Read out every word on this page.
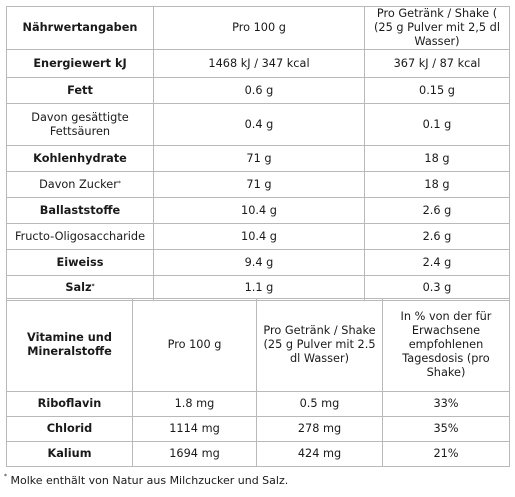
Nährwertangaben	Pro 100 g	Pro Getränk / Shake ( (25 g Pulver mit 2,5 dl Wasser)
Energiewert kJ	1468 kJ / 347 kcal	367 kJ / 87 kcal
Fett	0.6 g	0.15 g
Davon gesättigte Fettsäuren	0.4 g	0.1 g
Kohlenhydrate	71 g	18 g
Davon Zucker*	71 g	18 g
Ballaststoffe	10.4 g	2.6 g
Fructo-Oligosaccharide	10.4 g	2.6 g
Eiweiss	9.4 g	2.4 g
Salz*	1.1 g	0.3 g
Vitamine und Mineralstoffe	Pro 100 g	Pro Getränk / Shake (25 g Pulver mit 2.5 dl Wasser)	In % von der für Erwachsene empfohlenen Tagesdosis (pro Shake)
Riboflavin	1.8 mg	0.5 mg	33%
Chlorid	1114 mg	278 mg	35%
Kalium	1694 mg	424 mg	21%
* Molke enthält von Natur aus Milchzucker und Salz.
